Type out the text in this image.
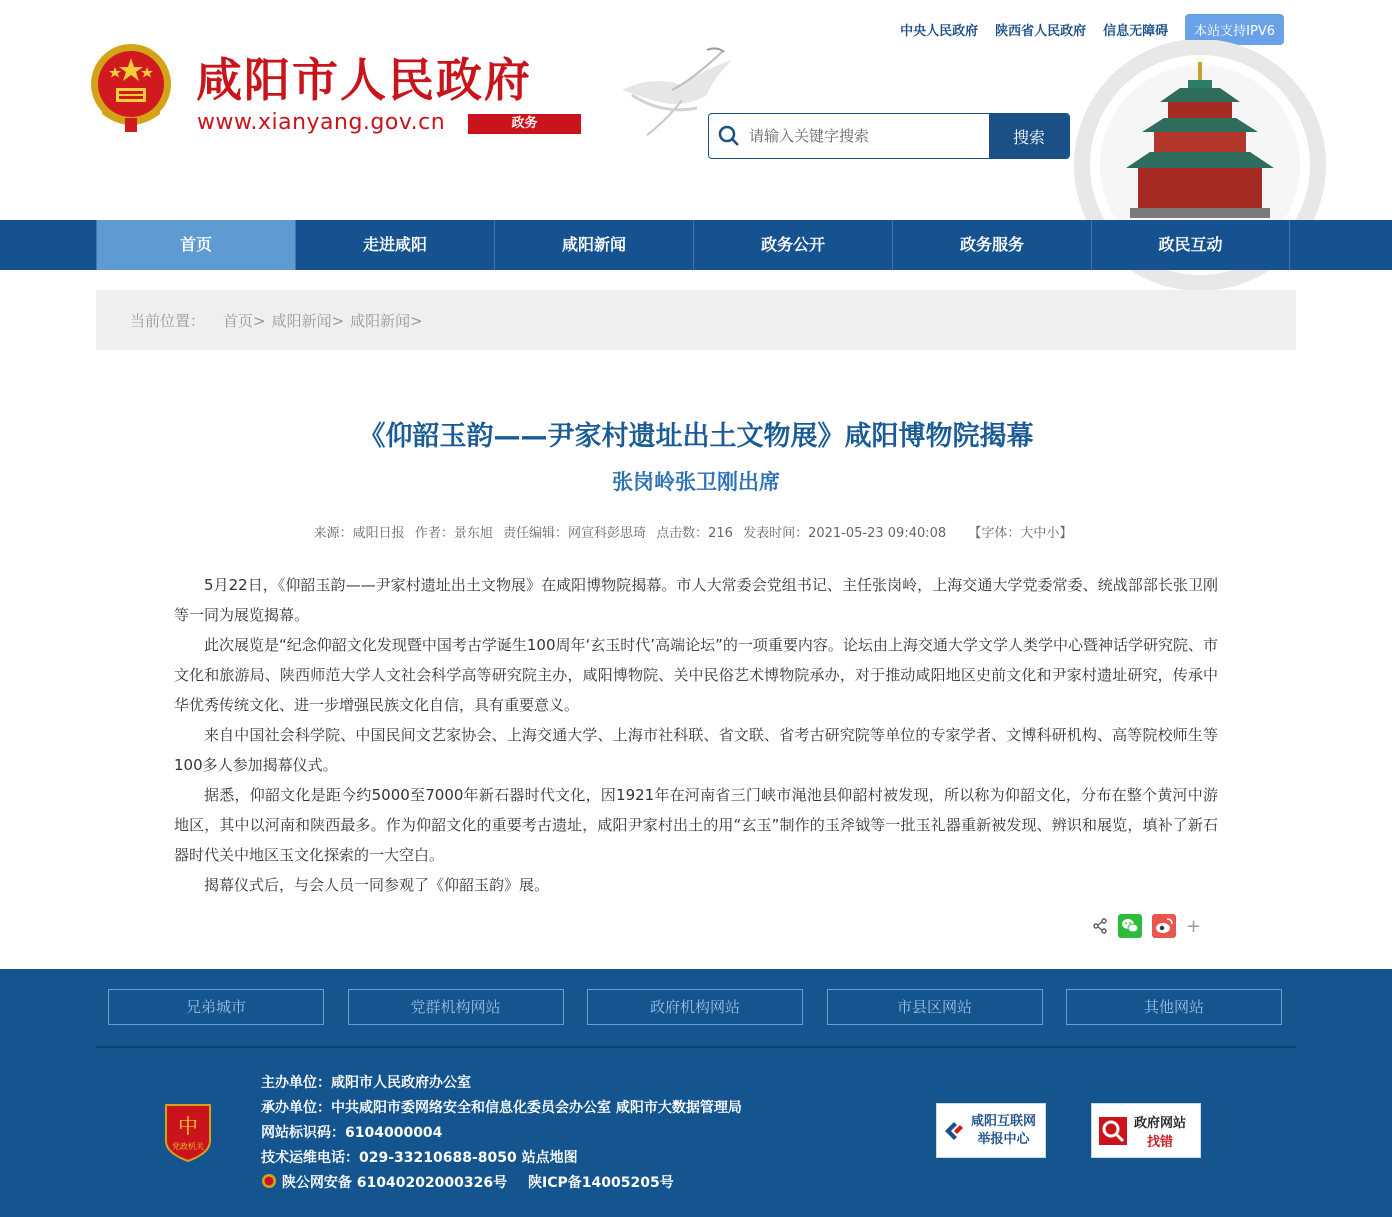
中央人民政府 陕西省人民政府 信息无障碍	本站支持IPV6
咸阳市人民政府
www.xianyang.gov.cn	政务
请输入关键字搜索
搜索
首页	走进咸阳	咸阳新闻	政务公开	政务服务	政民互动
当前位置： 首页> 咸阳新闻> 咸阳新闻>
《仰韶玉韵——尹家村遗址出土文物展》咸阳博物院揭幕
张岗岭张卫刚出席
来源：咸阳日报 作者：景东旭 责任编辑：网宣科彭思琦 点击数：216 发表时间：2021-05-23 09:40:08 【字体：大中小】

5月22日，《仰韶玉韵——尹家村遗址出土文物展》在咸阳博物院揭幕。市人大常委会党组书记、主任张岗岭，上海交通大学党委常委、统战部部长张卫刚等一同为展览揭幕。

此次展览是“纪念仰韶文化发现暨中国考古学诞生100周年‘玄玉时代’高端论坛”的一项重要内容。论坛由上海交通大学文学人类学中心暨神话学研究院、市文化和旅游局、陕西师范大学人文社会科学高等研究院主办，咸阳博物院、关中民俗艺术博物院承办，对于推动咸阳地区史前文化和尹家村遗址研究，传承中华优秀传统文化、进一步增强民族文化自信，具有重要意义。

来自中国社会科学院、中国民间文艺家协会、上海交通大学、上海市社科联、省文联、省考古研究院等单位的专家学者、文博科研机构、高等院校师生等100多人参加揭幕仪式。

据悉，仰韶文化是距今约5000至7000年新石器时代文化，因1921年在河南省三门峡市渑池县仰韶村被发现，所以称为仰韶文化，分布在整个黄河中游地区，其中以河南和陕西最多。作为仰韶文化的重要考古遗址，咸阳尹家村出土的用“玄玉”制作的玉斧钺等一批玉礼器重新被发现、辨识和展览，填补了新石器时代关中地区玉文化探索的一大空白。

揭幕仪式后，与会人员一同参观了《仰韶玉韵》展。

+
兄弟城市	党群机构网站	政府机构网站	市县区网站	其他网站
中
党政机关
主办单位：咸阳市人民政府办公室
承办单位：中共咸阳市委网络安全和信息化委员会办公室 咸阳市大数据管理局
网站标识码：6104000004
技术运维电话：029-33210688-8050 站点地图
陕公网安备 61040202000326号 陕ICP备14005205号
咸阳互联网
举报中心
政府网站
找错
